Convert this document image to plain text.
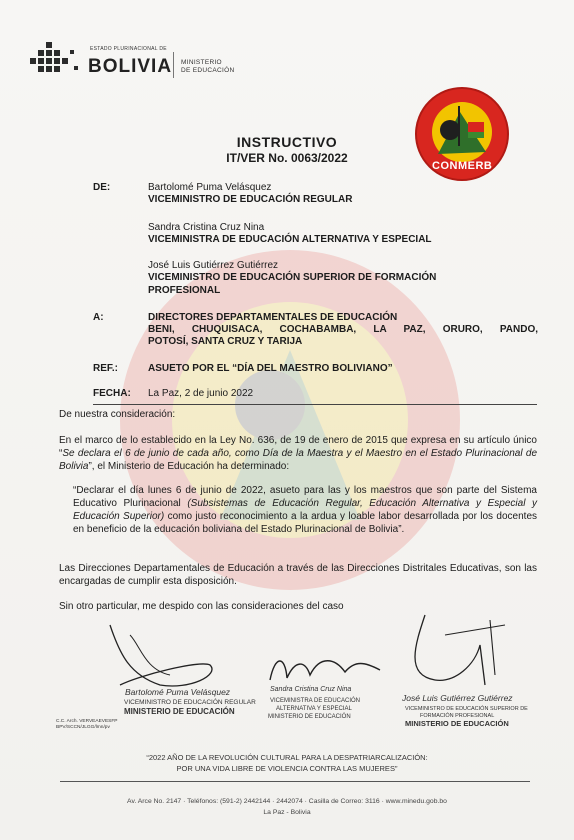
ESTADO PLURINACIONAL DE
BOLIVIA MINISTERIO
DE EDUCACIÓN
CONMERB
INSTRUCTIVO
IT/VER No. 0063/2022
DE:	Bartolomé Puma Velásquez
VICEMINISTRO DE EDUCACIÓN REGULAR
Sandra Cristina Cruz Nina
VICEMINISTRA DE EDUCACIÓN ALTERNATIVA Y ESPECIAL
José Luis Gutiérrez Gutiérrez
VICEMINISTRO DE EDUCACIÓN SUPERIOR DE FORMACIÓN
PROFESIONAL
A:	DIRECTORES DEPARTAMENTALES DE EDUCACIÓN
BENI, CHUQUISACA, COCHABAMBA, LA PAZ, ORURO, PANDO,
POTOSÍ, SANTA CRUZ Y TARIJA
REF.:	ASUETO POR EL “DÍA DEL MAESTRO BOLIVIANO”
FECHA: La Paz, 2 de junio 2022
De nuestra consideración:
En el marco de lo establecido en la Ley No. 636, de 19 de enero de 2015 que expresa en su artículo único “Se declara el 6 de junio de cada año, como Día de la Maestra y el Maestro en el Estado Plurinacional de Bolivia”, el Ministerio de Educación ha determinado:
“Declarar el día lunes 6 de junio de 2022, asueto para las y los maestros que son parte del Sistema Educativo Plurinacional (Subsistemas de Educación Regular, Educación Alternativa y Especial y Educación Superior) como justo reconocimiento a la ardua y loable labor desarrollada por los docentes en beneficio de la educación boliviana del Estado Plurinacional de Bolivia”.
Las Direcciones Departamentales de Educación a través de las Direcciones Distritales Educativas, son las encargadas de cumplir esta disposición.
Sin otro particular, me despido con las consideraciones del caso
Bartolomé Puma Velásquez
VICEMINISTRO DE EDUCACIÓN REGULAR
MINISTERIO DE EDUCACIÓN
C.C. Arch. VERVEAEVESFP
BPV/SCCN/JLGG/lmn/pv
Sandra Cristina Cruz Nina
VICEMINISTRA DE EDUCACIÓN
ALTERNATIVA Y ESPECIAL
MINISTERIO DE EDUCACIÓN
José Luis Gutiérrez Gutiérrez
VICEMINISTRO DE EDUCACIÓN SUPERIOR DE
FORMACIÓN PROFESIONAL
MINISTERIO DE EDUCACIÓN
“2022 AÑO DE LA REVOLUCIÓN CULTURAL PARA LA DESPATRIARCALIZACIÓN:
POR UNA VIDA LIBRE DE VIOLENCIA CONTRA LAS MUJERES”
Av. Arce No. 2147 · Teléfonos: (591-2) 2442144 · 2442074 · Casilla de Correo: 3116 · www.minedu.gob.bo
La Paz - Bolivia
